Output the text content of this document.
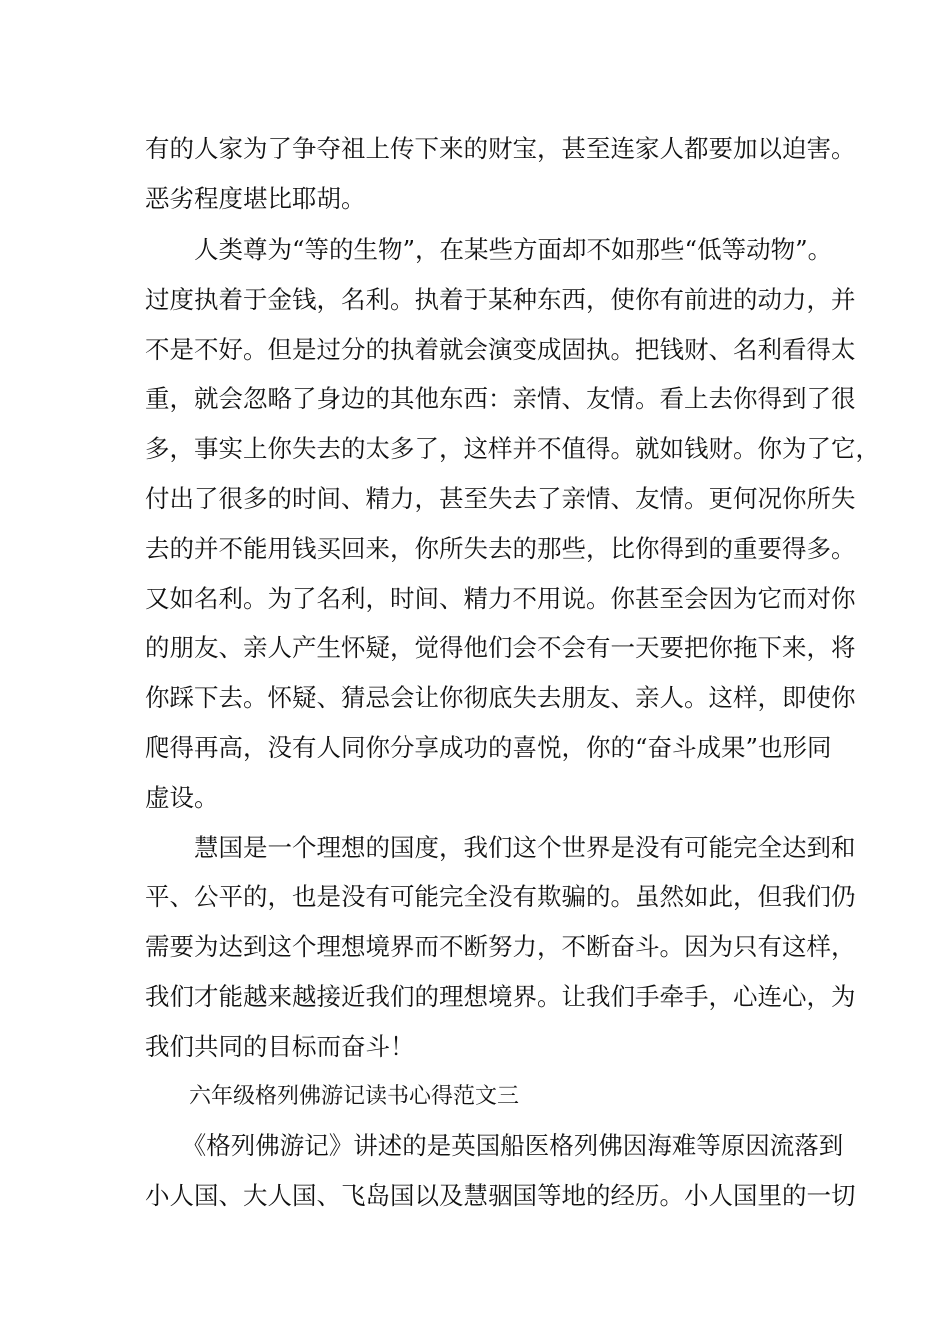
有的人家为了争夺祖上传下来的财宝，甚至连家人都要加以迫害。
恶劣程度堪比耶胡。
　　人类尊为“等的生物”，在某些方面却不如那些“低等动物”。
过度执着于金钱，名利。执着于某种东西，使你有前进的动力，并
不是不好。但是过分的执着就会演变成固执。把钱财、名利看得太
重，就会忽略了身边的其他东西：亲情、友情。看上去你得到了很
多，事实上你失去的太多了，这样并不值得。就如钱财。你为了它，
付出了很多的时间、精力，甚至失去了亲情、友情。更何况你所失
去的并不能用钱买回来，你所失去的那些，比你得到的重要得多。
又如名利。为了名利，时间、精力不用说。你甚至会因为它而对你
的朋友、亲人产生怀疑，觉得他们会不会有一天要把你拖下来，将
你踩下去。怀疑、猜忌会让你彻底失去朋友、亲人。这样，即使你
爬得再高，没有人同你分享成功的喜悦，你的“奋斗成果”也形同
虚设。
　　慧国是一个理想的国度，我们这个世界是没有可能完全达到和
平、公平的，也是没有可能完全没有欺骗的。虽然如此，但我们仍
需要为达到这个理想境界而不断努力，不断奋斗。因为只有这样，
我们才能越来越接近我们的理想境界。让我们手牵手，心连心，为
我们共同的目标而奋斗！
　　六年级格列佛游记读书心得范文三
　　《格列佛游记》讲述的是英国船医格列佛因海难等原因流落到
小人国、大人国、飞岛国以及慧骃国等地的经历。小人国里的一切
